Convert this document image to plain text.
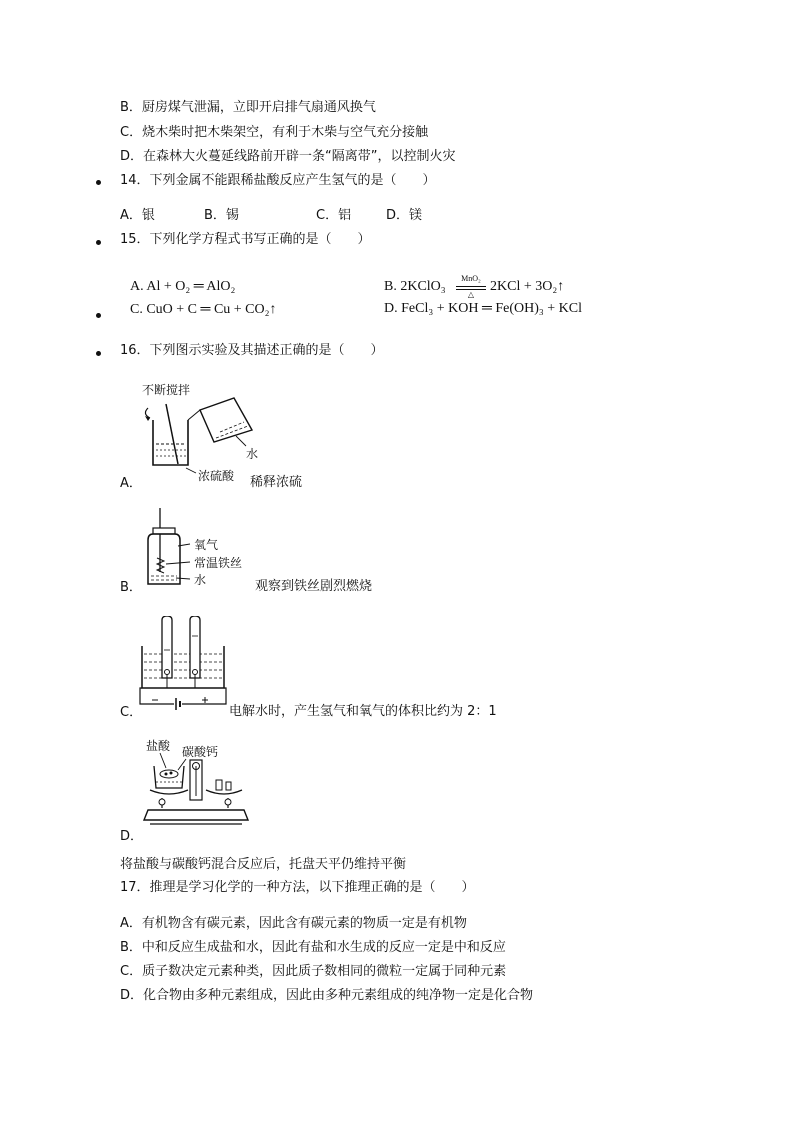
B．厨房煤气泄漏，立即开启排气扇通风换气
C．烧木柴时把木柴架空，有利于木柴与空气充分接触
D．在森林大火蔓延线路前开辟一条“隔离带”，以控制火灾
14．下列金属不能跟稀盐酸反应产生氢气的是（　　）
A．银	B．锡	C．铝	D．镁
15．下列化学方程式书写正确的是（　　）
A. Al + O₂ ═ AlO₂	B. 2KClO₃
MnO₂
△
2KCl + 3O₂↑
C. CuO + C ═ Cu + CO₂↑	D. FeCl₃ + KOH ═ Fe(OH)₃ + KCl
16．下列图示实验及其描述正确的是（　　）
不断搅拌
水
浓硫酸
A．	稀释浓硫
氧气
常温铁丝
水
B．	观察到铁丝剧烈燃烧
C．	电解水时，产生氢气和氧气的体积比约为 2：1
盐酸 碳酸钙
D．
将盐酸与碳酸钙混合反应后，托盘天平仍维持平衡
17．推理是学习化学的一种方法，以下推理正确的是（　　）
A．有机物含有碳元素，因此含有碳元素的物质一定是有机物
B．中和反应生成盐和水，因此有盐和水生成的反应一定是中和反应
C．质子数决定元素种类，因此质子数相同的微粒一定属于同种元素
D．化合物由多种元素组成，因此由多种元素组成的纯净物一定是化合物
